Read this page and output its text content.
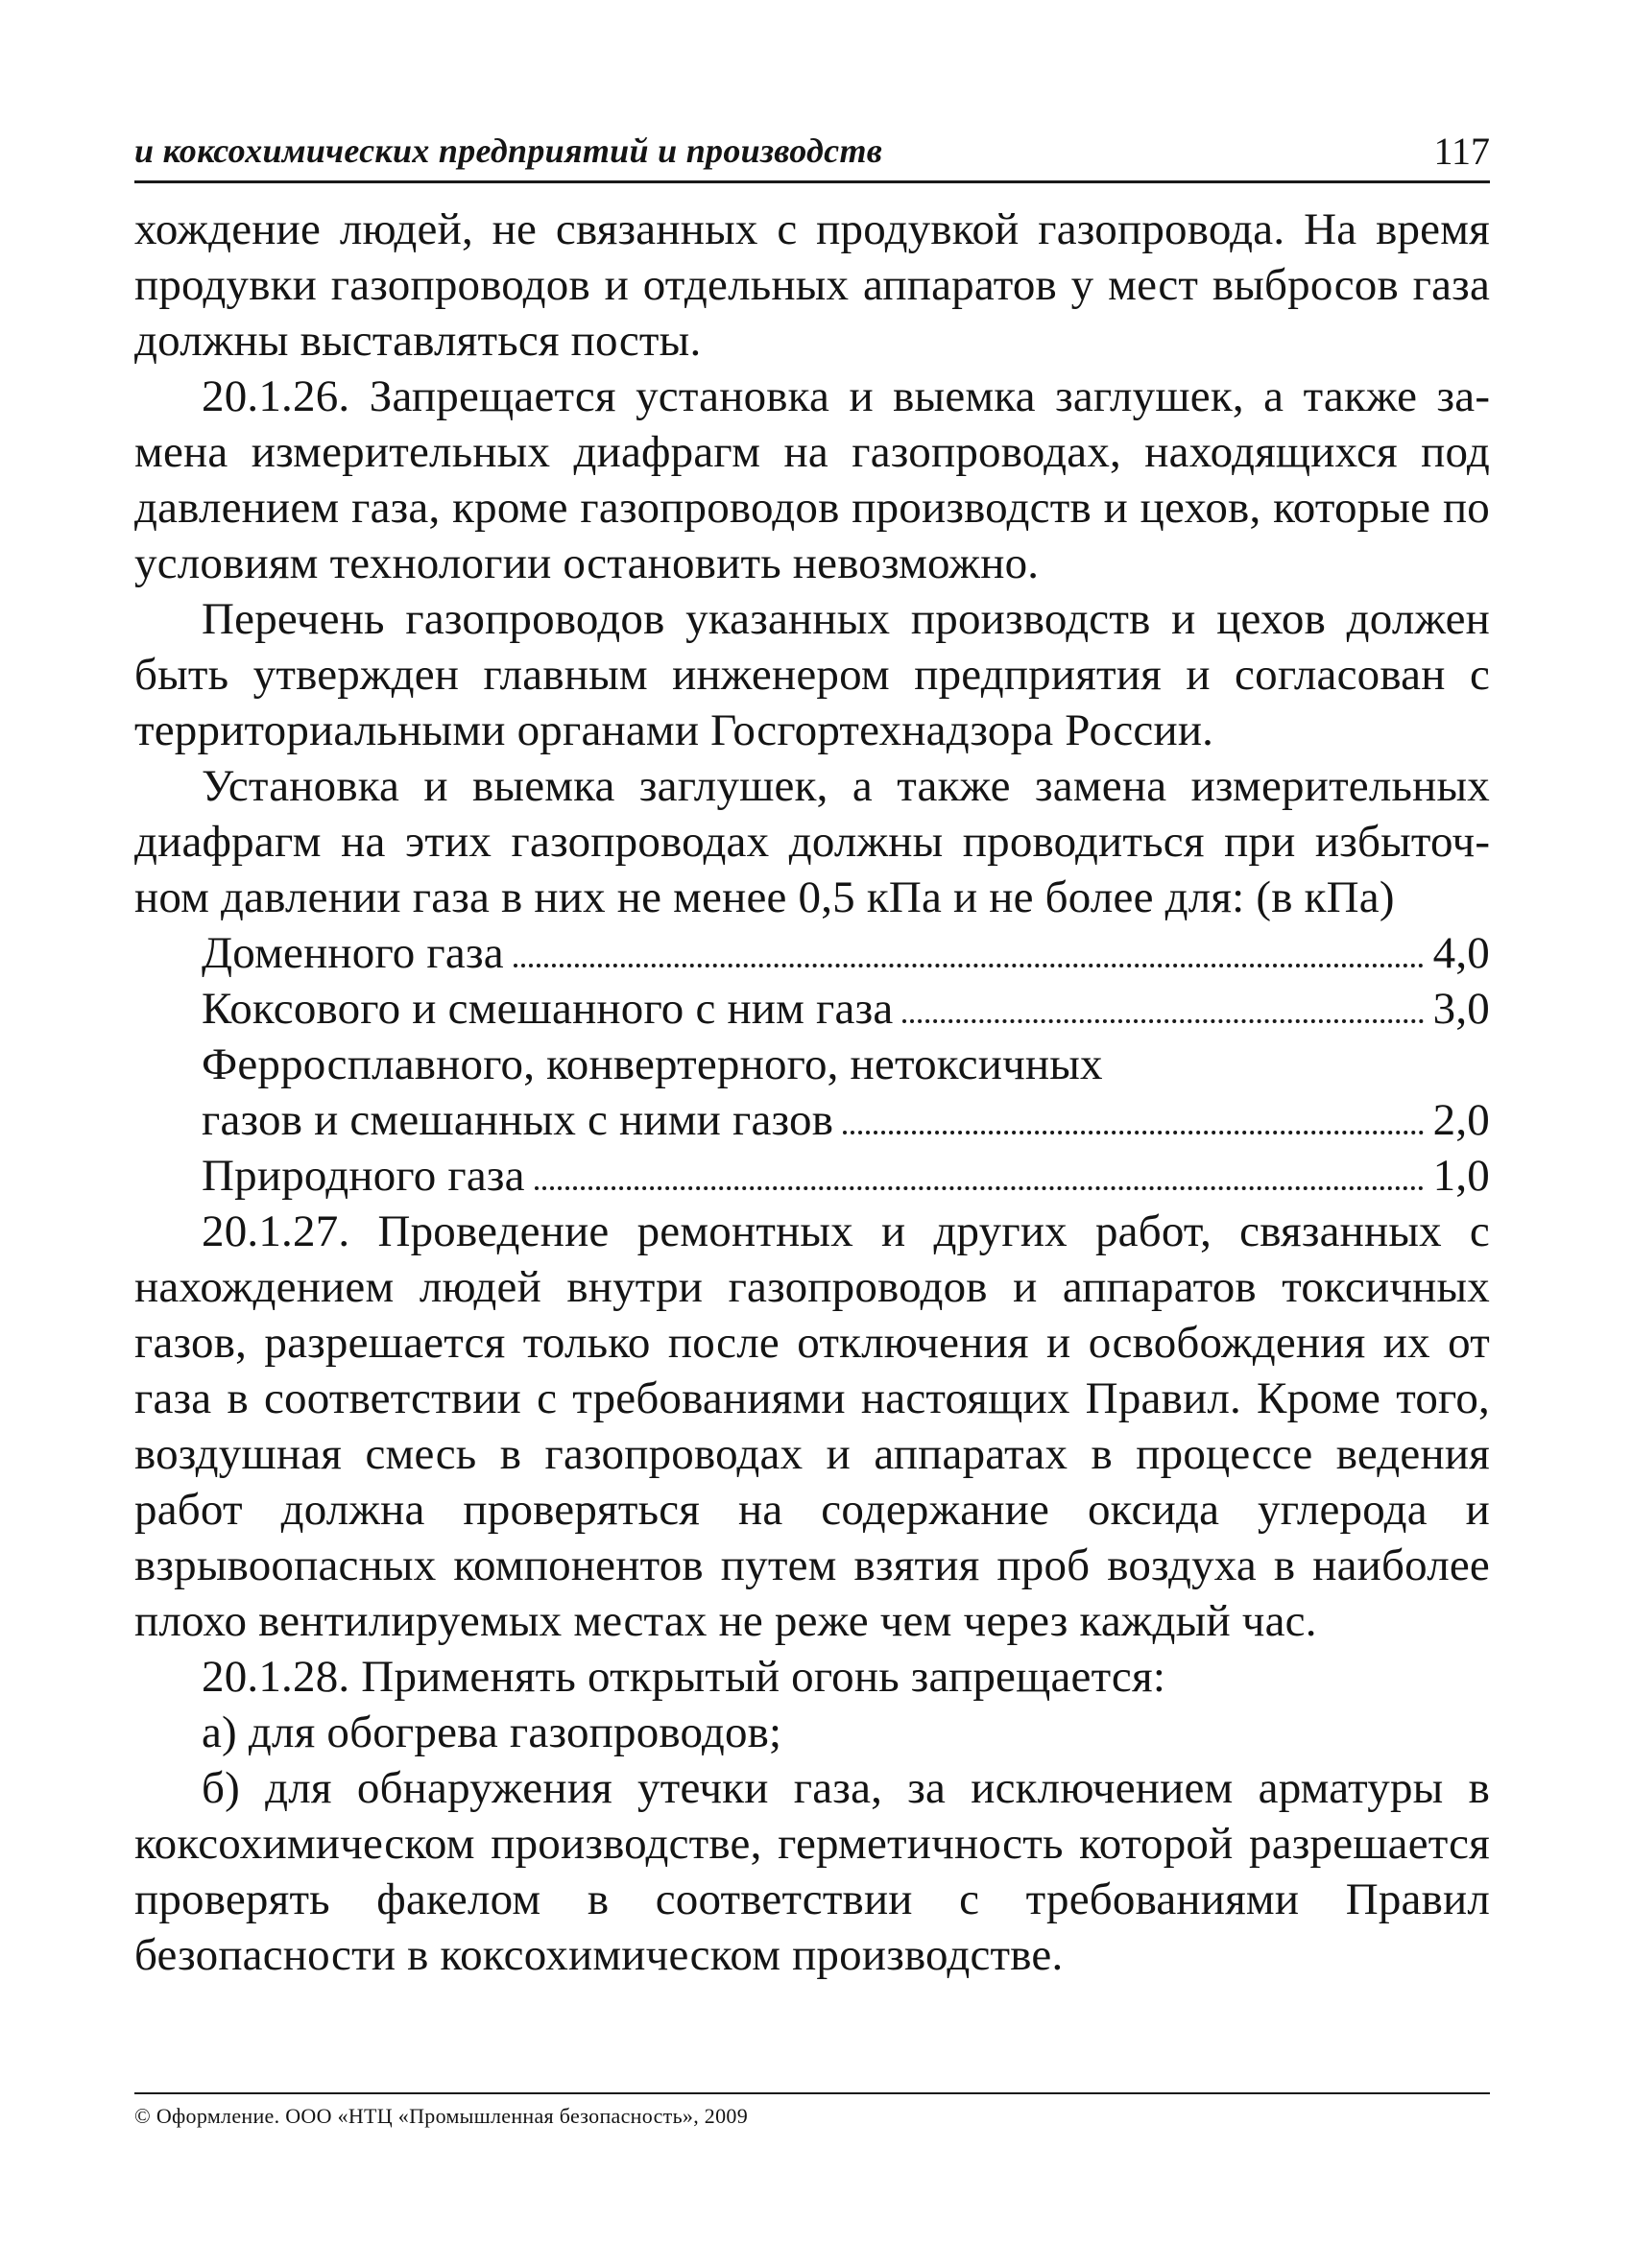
и коксохимических предприятий и производств	117

хождение людей, не связанных с продувкой газопровода. На время продувки газопроводов и отдельных аппаратов у мест выбросов газа должны выставляться посты.

20.1.26. Запрещается установка и выемка заглушек, а также замена измерительных диафрагм на газопроводах, находящихся под давлением газа, кроме газопроводов производств и цехов, которые по условиям технологии остановить невозможно.

Перечень газопроводов указанных производств и цехов должен быть утвержден главным инженером предприятия и согласован с территориальными органами Госгортехнадзора России.

Установка и выемка заглушек, а также замена измерительных диафрагм на этих газопроводах должны проводиться при избыточном давлении газа в них не менее 0,5 кПа и не более для: (в кПа)

Доменного газа	4,0
Коксового и смешанного с ним газа	3,0
Ферросплавного, конвертерного, нетоксичных
газов и смешанных с ними газов	2,0
Природного газа	1,0

20.1.27. Проведение ремонтных и других работ, связанных с нахождением людей внутри газопроводов и аппаратов токсичных газов, разрешается только после отключения и освобождения их от газа в соответствии с требованиями настоящих Правил. Кроме того, воздушная смесь в газопроводах и аппаратах в процессе ведения работ должна проверяться на содержание оксида углерода и взрывоопасных компонентов путем взятия проб воздуха в наиболее плохо вентилируемых местах не реже чем через каждый час.

20.1.28. Применять открытый огонь запрещается:

а) для обогрева газопроводов;

б) для обнаружения утечки газа, за исключением арматуры в коксохимическом производстве, герметичность которой разрешается проверять факелом в соответствии с требованиями Правил безопасности в коксохимическом производстве.

© Оформление. ООО «НТЦ «Промышленная безопасность», 2009
